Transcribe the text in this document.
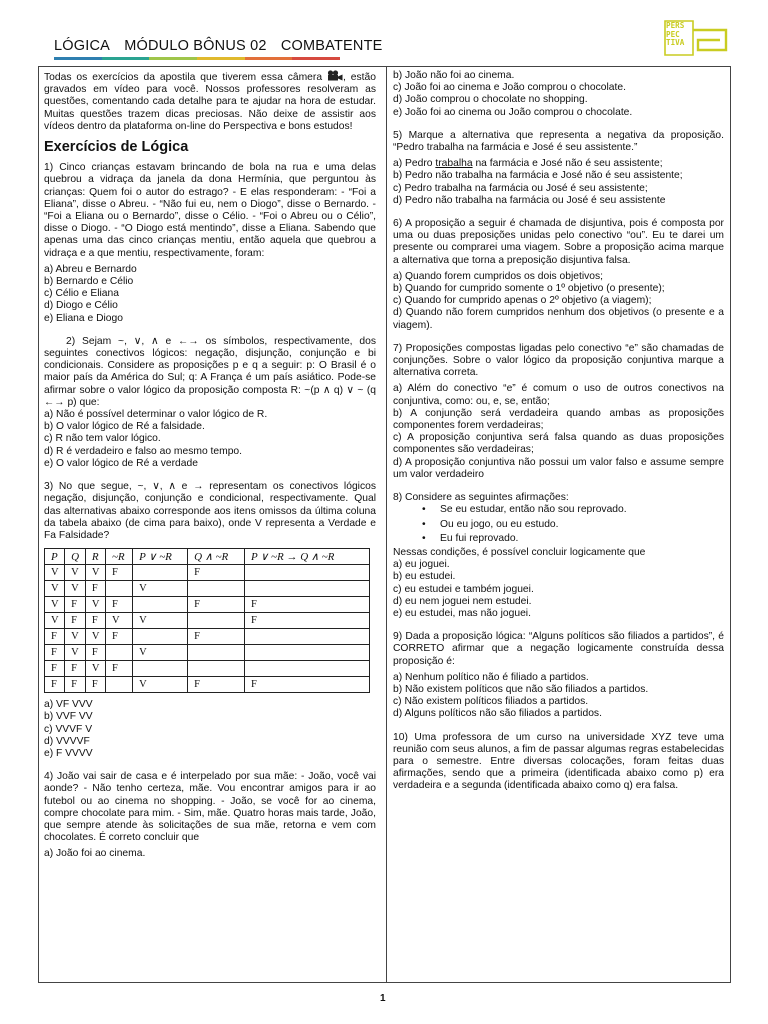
LÓGICA MÓDULO BÔNUS 02 COMBATENTE
PERS
PEC
TIVA

Todas os exercícios da apostila que tiverem essa câmera , estão gravados em vídeo para você. Nossos professores resolveram as questões, comentando cada detalhe para te ajudar na hora de estudar. Muitas questões trazem dicas preciosas. Não deixe de assistir aos vídeos dentro da plataforma on-line do Perspectiva e bons estudos!

Exercícios de Lógica

1) Cinco crianças estavam brincando de bola na rua e uma delas quebrou a vidraça da janela da dona Hermínia, que perguntou às crianças: Quem foi o autor do estrago? - E elas responderam: - “Foi a Eliana”, disse o Abreu. - “Não fui eu, nem o Diogo”, disse o Bernardo. - “Foi a Eliana ou o Bernardo”, disse o Célio. - “Foi o Abreu ou o Célio”, disse o Diogo. - “O Diogo está mentindo”, disse a Eliana. Sabendo que apenas uma das cinco crianças mentiu, então aquela que quebrou a vidraça e a que mentiu, respectivamente, foram:

a) Abreu e Bernardo

b) Bernardo e Célio

c) Célio e Eliana

d) Diogo e Célio

e) Eliana e Diogo

2) Sejam ~, ∨, ∧ e ←→ os símbolos, respectivamente, dos seguintes conectivos lógicos: negação, disjunção, conjunção e bi condicionais. Considere as proposições p e q a seguir: p: O Brasil é o maior país da América do Sul; q: A França é um país asiático. Pode-se afirmar sobre o valor lógico da proposição composta R: ~(p ∧ q) ∨ ~ (q ←→ p) que:

a) Não é possível determinar o valor lógico de R.

b) O valor lógico de Ré a falsidade.

c) R não tem valor lógico.

d) R é verdadeiro e falso ao mesmo tempo.

e) O valor lógico de Ré a verdade

3) No que segue, ~, ∨, ∧ e → representam os conectivos lógicos negação, disjunção, conjunção e condicional, respectivamente. Qual das alternativas abaixo corresponde aos itens omissos da última coluna da tabela abaixo (de cima para baixo), onde V representa a Verdade e Fa Falsidade?

P	Q	R	~R	P ∨ ~R	Q ∧ ~R	P ∨ ~R → Q ∧ ~R
V	V	V	F		F	
V	V	F		V		
V	F	V	F		F	F
V	F	F	V	V		F
F	V	V	F		F	
F	V	F		V		
F	F	V	F			
F	F	F		V	F	F

a) VF VVV

b) VVF VV

c) VVVF V

d) VVVVF

e) F VVVV

4) João vai sair de casa e é interpelado por sua mãe: - João, você vai aonde? - Não tenho certeza, mãe. Vou encontrar amigos para ir ao futebol ou ao cinema no shopping. - João, se você for ao cinema, compre chocolate para mim. - Sim, mãe. Quatro horas mais tarde, João, que sempre atende às solicitações de sua mãe, retorna e vem com chocolates. É correto concluir que

a) João foi ao cinema.

b) João não foi ao cinema.

c) João foi ao cinema e João comprou o chocolate.

d) João comprou o chocolate no shopping.

e) João foi ao cinema ou João comprou o chocolate.

5) Marque a alternativa que representa a negativa da proposição. “Pedro trabalha na farmácia e José é seu assistente.”

a) Pedro trabalha na farmácia e José não é seu assistente;

b) Pedro não trabalha na farmácia e José não é seu assistente;

c) Pedro trabalha na farmácia ou José é seu assistente;

d) Pedro não trabalha na farmácia ou José é seu assistente

6) A proposição a seguir é chamada de disjuntiva, pois é composta por uma ou duas preposições unidas pelo conectivo “ou”. Eu te darei um presente ou comprarei uma viagem. Sobre a proposição acima marque a alternativa que torna a preposição disjuntiva falsa.

a) Quando forem cumpridos os dois objetivos;

b) Quando for cumprido somente o 1º objetivo (o presente);

c) Quando for cumprido apenas o 2º objetivo (a viagem);

d) Quando não forem cumpridos nenhum dos objetivos (o presente e a viagem).

7) Proposições compostas ligadas pelo conectivo “e” são chamadas de conjunções. Sobre o valor lógico da proposição conjuntiva marque a alternativa correta.

a) Além do conectivo “e” é comum o uso de outros conectivos na conjuntiva, como: ou, e, se, então;

b) A conjunção será verdadeira quando ambas as proposições componentes forem verdadeiras;

c) A proposição conjuntiva será falsa quando as duas proposições componentes são verdadeiras;

d) A proposição conjuntiva não possui um valor falso e assume sempre um valor verdadeiro

8) Considere as seguintes afirmações:

• Se eu estudar, então não sou reprovado.
• Ou eu jogo, ou eu estudo.
• Eu fui reprovado.

Nessas condições, é possível concluir logicamente que

a) eu joguei.

b) eu estudei.

c) eu estudei e também joguei.

d) eu nem joguei nem estudei.

e) eu estudei, mas não joguei.

9) Dada a proposição lógica: “Alguns políticos são filiados a partidos”, é CORRETO afirmar que a negação logicamente construída dessa proposição é:

a) Nenhum político não é filiado a partidos.

b) Não existem políticos que não são filiados a partidos.

c) Não existem políticos filiados a partidos.

d) Alguns políticos não são filiados a partidos.

10) Uma professora de um curso na universidade XYZ teve uma reunião com seus alunos, a fim de passar algumas regras estabelecidas para o semestre. Entre diversas colocações, foram feitas duas afirmações, sendo que a primeira (identificada abaixo como p) era verdadeira e a segunda (identificada abaixo como q) era falsa.

1
